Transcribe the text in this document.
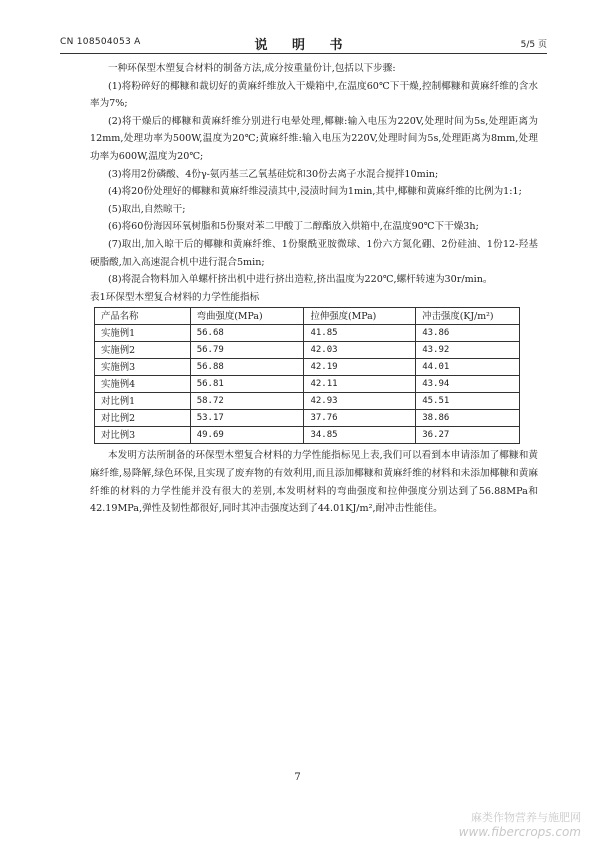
CN 108504053 A	说 明 书	5/5 页

一种环保型木塑复合材料的制备方法,成分按重量份计,包括以下步骤:

(1)将粉碎好的椰糠和裁切好的黄麻纤维放入干燥箱中,在温度60℃下干燥,控制椰糠和黄麻纤维的含水率为7%;

(2)将干燥后的椰糠和黄麻纤维分别进行电晕处理,椰糠:输入电压为220V,处理时间为5s,处理距离为12mm,处理功率为500W,温度为20℃;黄麻纤维:输入电压为220V,处理时间为5s,处理距离为8mm,处理功率为600W,温度为20℃;

(3)将用2份磷酸、4份γ-氨丙基三乙氧基硅烷和30份去离子水混合搅拌10min;

(4)将20份处理好的椰糠和黄麻纤维浸渍其中,浸渍时间为1min,其中,椰糠和黄麻纤维的比例为1:1;

(5)取出,自然晾干;

(6)将60份海因环氧树脂和5份聚对苯二甲酸丁二醇酯放入烘箱中,在温度90℃下干燥3h;

(7)取出,加入晾干后的椰糠和黄麻纤维、1份聚酰亚胺微球、1份六方氮化硼、2份硅油、1份12-羟基硬脂酸,加入高速混合机中进行混合5min;

(8)将混合物料加入单螺杆挤出机中进行挤出造粒,挤出温度为220℃,螺杆转速为30r/min。

表1环保型木塑复合材料的力学性能指标

产品名称	弯曲强度(MPa)	拉伸强度(MPa)	冲击强度(KJ/m²)
实施例1	56.68	41.85	43.86
实施例2	56.79	42.03	43.92
实施例3	56.88	42.19	44.01
实施例4	56.81	42.11	43.94
对比例1	58.72	42.93	45.51
对比例2	53.17	37.76	38.86
对比例3	49.69	34.85	36.27

本发明方法所制备的环保型木塑复合材料的力学性能指标见上表,我们可以看到本申请添加了椰糠和黄麻纤维,易降解,绿色环保,且实现了废弃物的有效利用,而且添加椰糠和黄麻纤维的材料和未添加椰糠和黄麻纤维的材料的力学性能并没有很大的差别,本发明材料的弯曲强度和拉伸强度分别达到了56.88MPa和42.19MPa,弹性及韧性都很好,同时其冲击强度达到了44.01KJ/m²,耐冲击性能佳。

7
麻类作物营养与施肥网
www.fibercrops.com
